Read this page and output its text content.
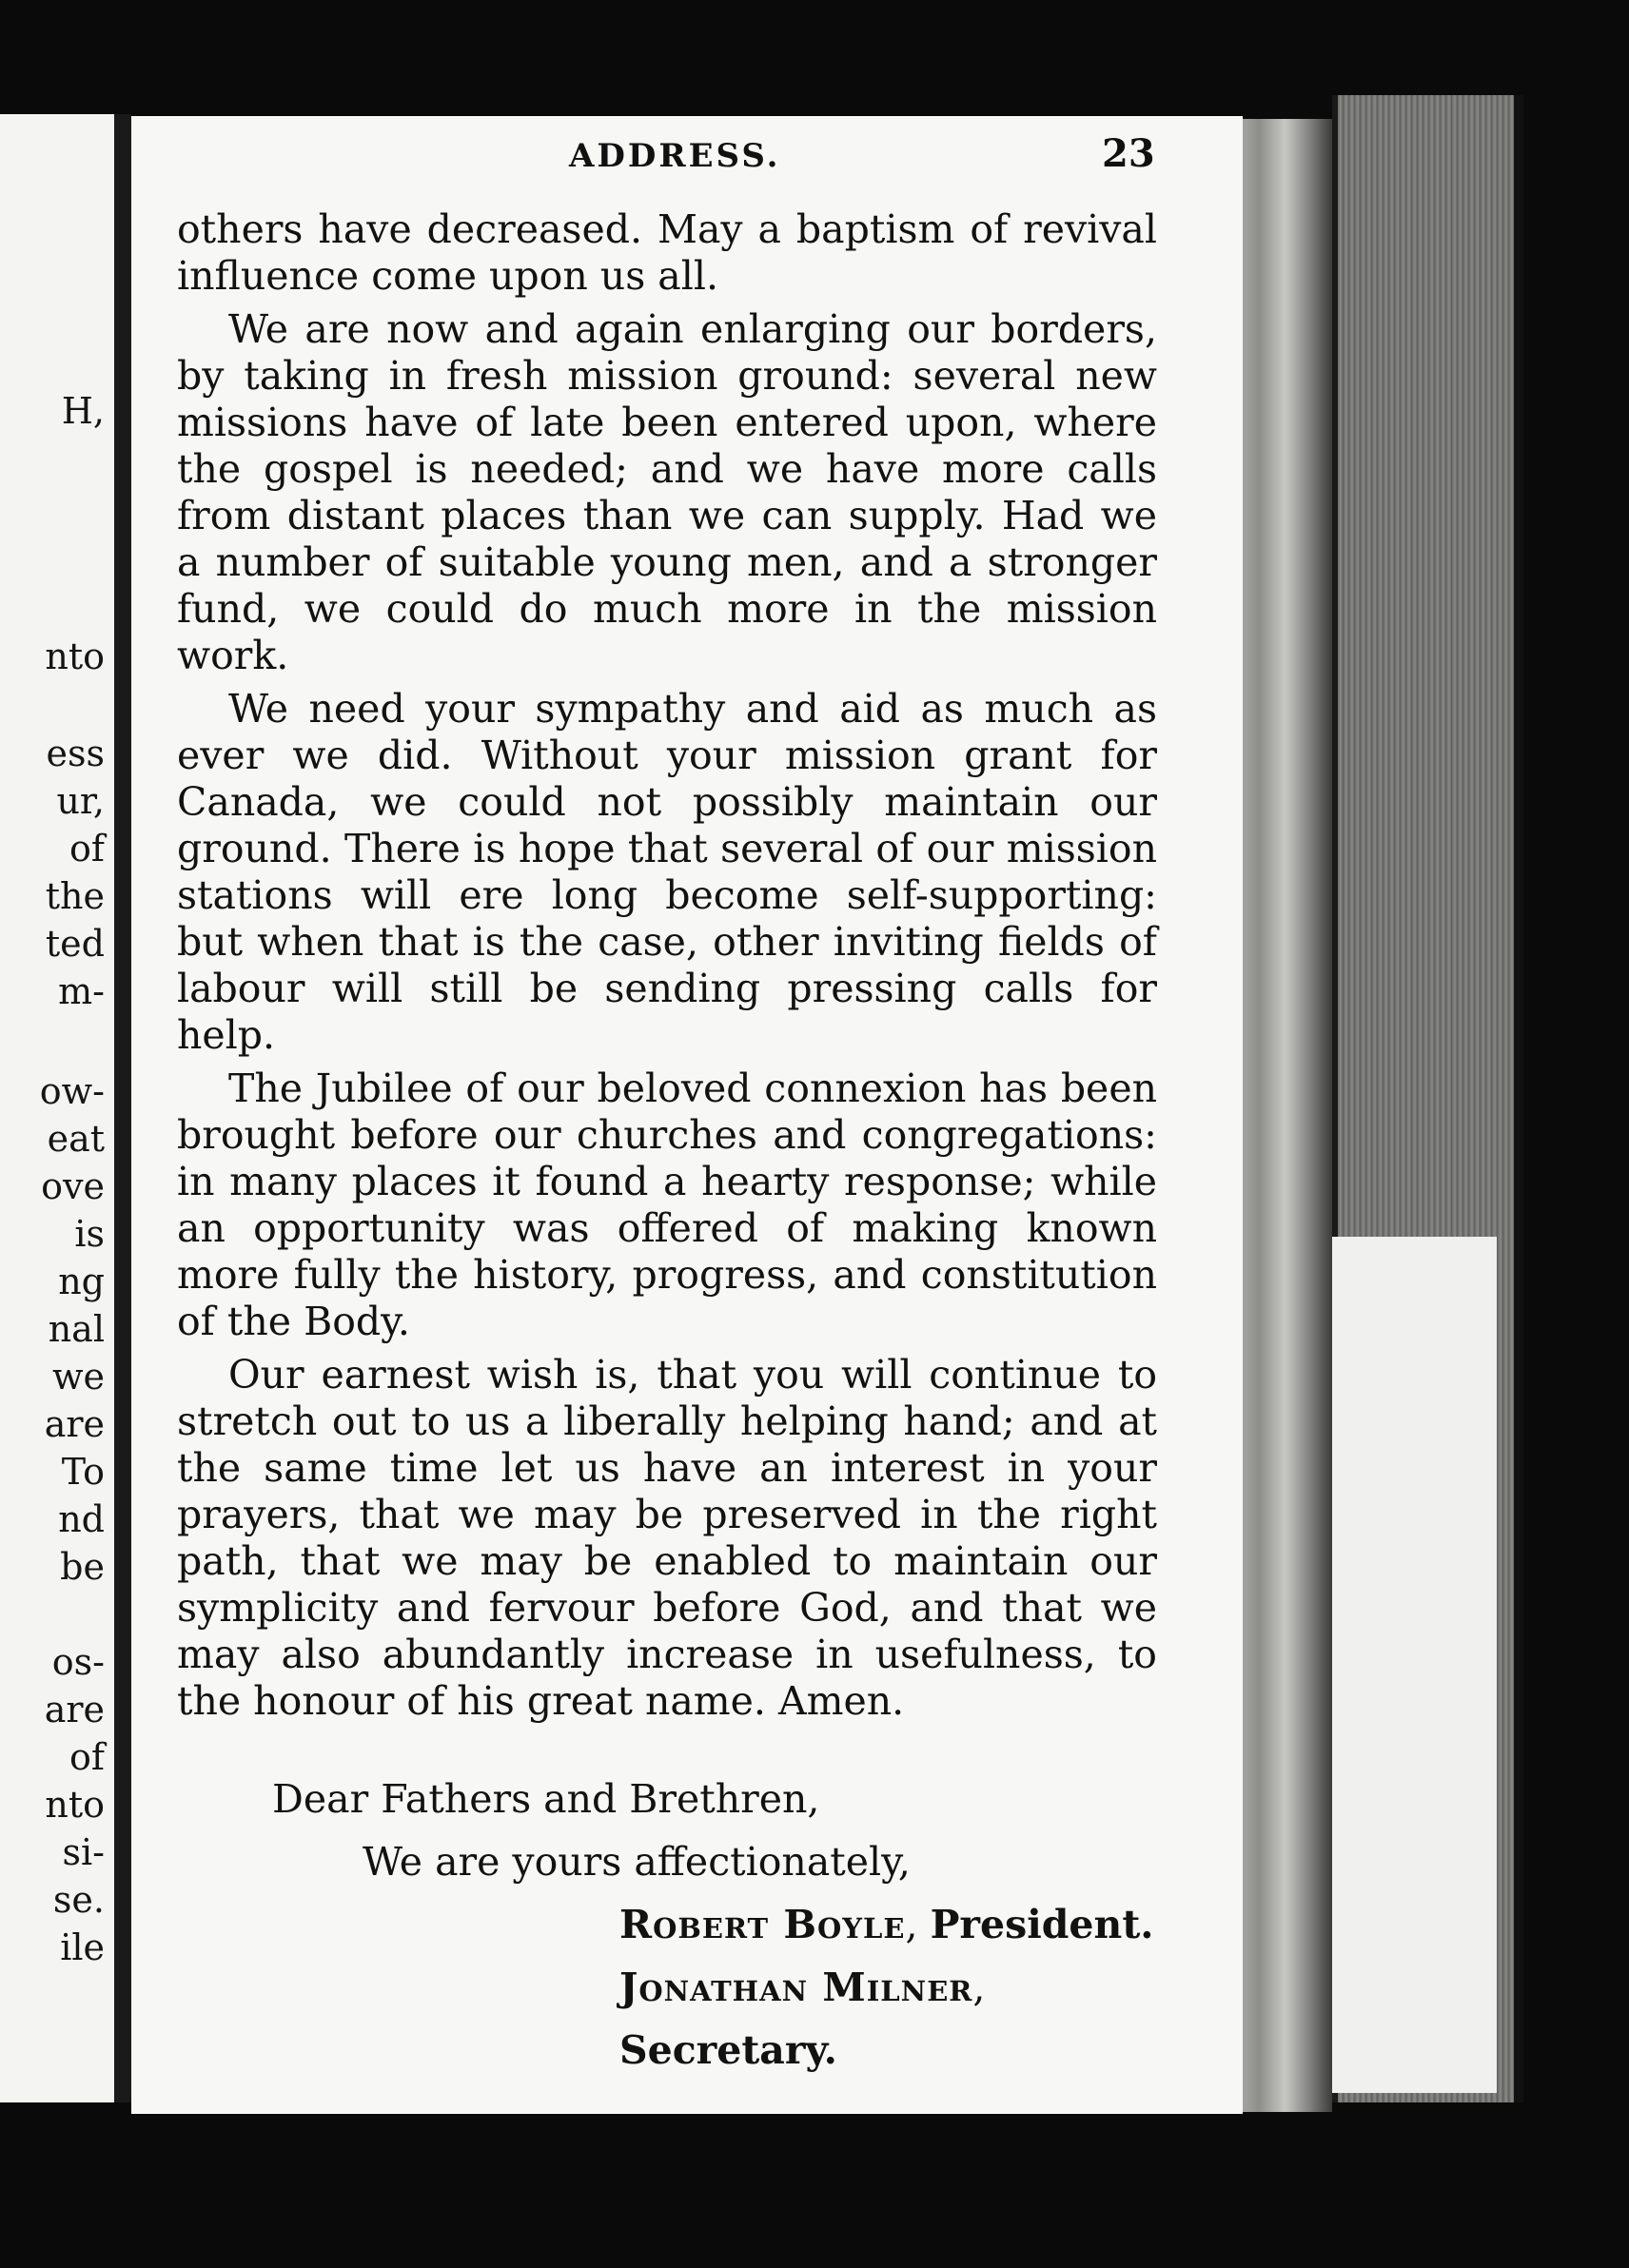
H,
nto
ess
ur,
of
the
ted
m-
ow-
eat
ove
is
ng
nal
we
are
To
nd
be
os-
are
of
nto
si-
se.
ile
ADDRESS.	23

others have decreased. May a baptism of revival influence come upon us all.

We are now and again enlarging our borders, by taking in fresh mission ground: several new missions have of late been entered upon, where the gospel is needed; and we have more calls from distant places than we can supply. Had we a number of suitable young men, and a stronger fund, we could do much more in the mission work.

We need your sympathy and aid as much as ever we did. Without your mission grant for Canada, we could not possibly maintain our ground. There is hope that several of our mission stations will ere long become self-supporting: but when that is the case, other inviting fields of labour will still be sending pressing calls for help.

The Jubilee of our beloved connexion has been brought before our churches and congregations: in many places it found a hearty response; while an opportunity was offered of making known more fully the history, progress, and constitution of the Body.

Our earnest wish is, that you will continue to stretch out to us a liberally helping hand; and at the same time let us have an interest in your prayers, that we may be preserved in the right path, that we may be enabled to maintain our symplicity and fervour before God, and that we may also abundantly increase in usefulness, to the honour of his great name. Amen.

Dear Fathers and Brethren,
We are yours affectionately,
Robert Boyle, President.
Jonathan Milner, Secretary.
